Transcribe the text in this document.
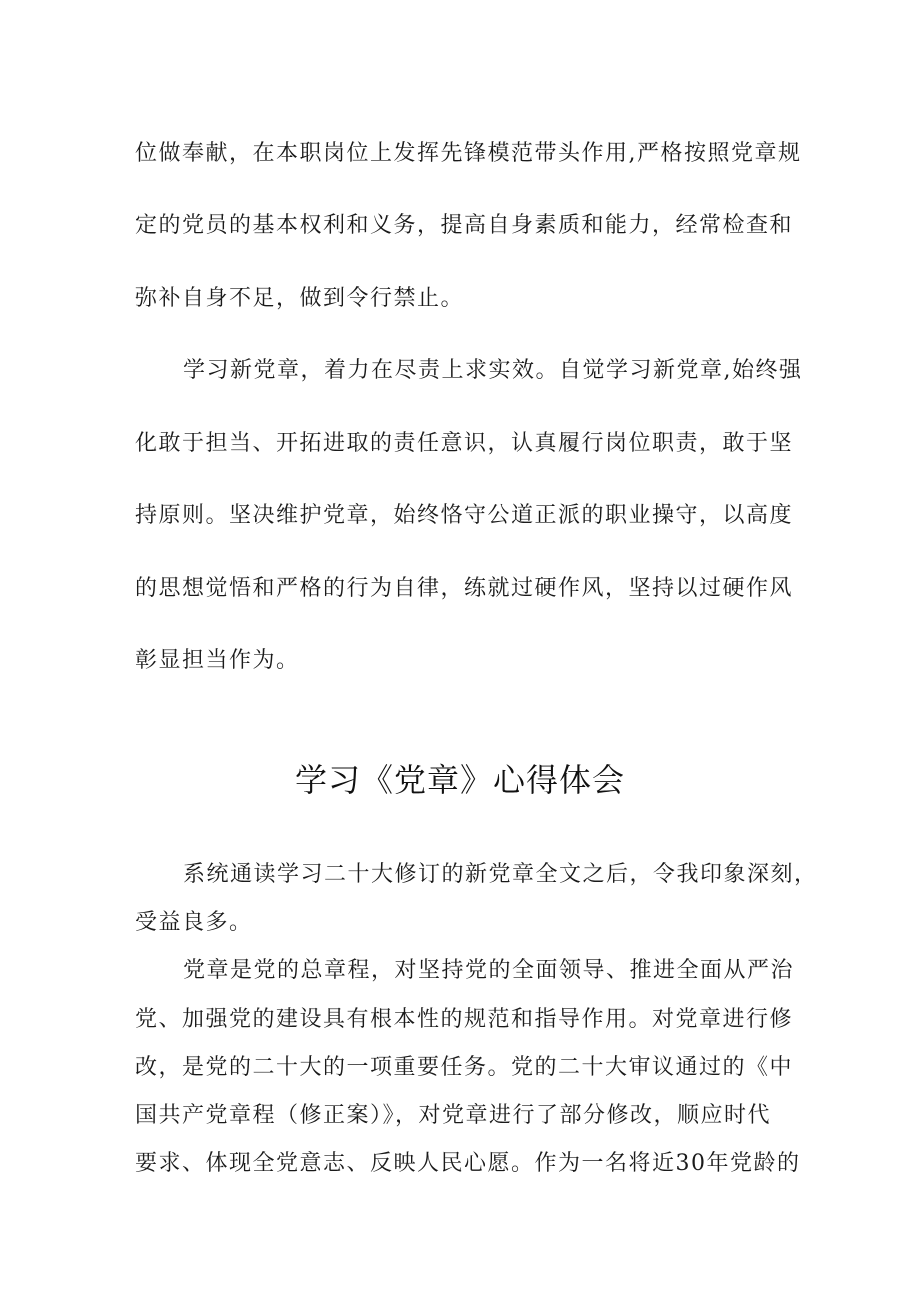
位做奉献，在本职岗位上发挥先锋模范带头作用,严格按照党章规
定的党员的基本权利和义务，提高自身素质和能力，经常检查和
弥补自身不足，做到令行禁止。
学习新党章，着力在尽责上求实效。自觉学习新党章,始终强
化敢于担当、开拓进取的责任意识，认真履行岗位职责，敢于坚
持原则。坚决维护党章，始终恪守公道正派的职业操守，以高度
的思想觉悟和严格的行为自律，练就过硬作风，坚持以过硬作风
彰显担当作为。
学习《党章》心得体会
系统通读学习二十大修订的新党章全文之后，令我印象深刻，
受益良多。
党章是党的总章程，对坚持党的全面领导、推进全面从严治
党、加强党的建设具有根本性的规范和指导作用。对党章进行修
改，是党的二十大的一项重要任务。党的二十大审议通过的《中
国共产党章程（修正案）》，对党章进行了部分修改，顺应时代
要求、体现全党意志、反映人民心愿。作为一名将近30年党龄的
